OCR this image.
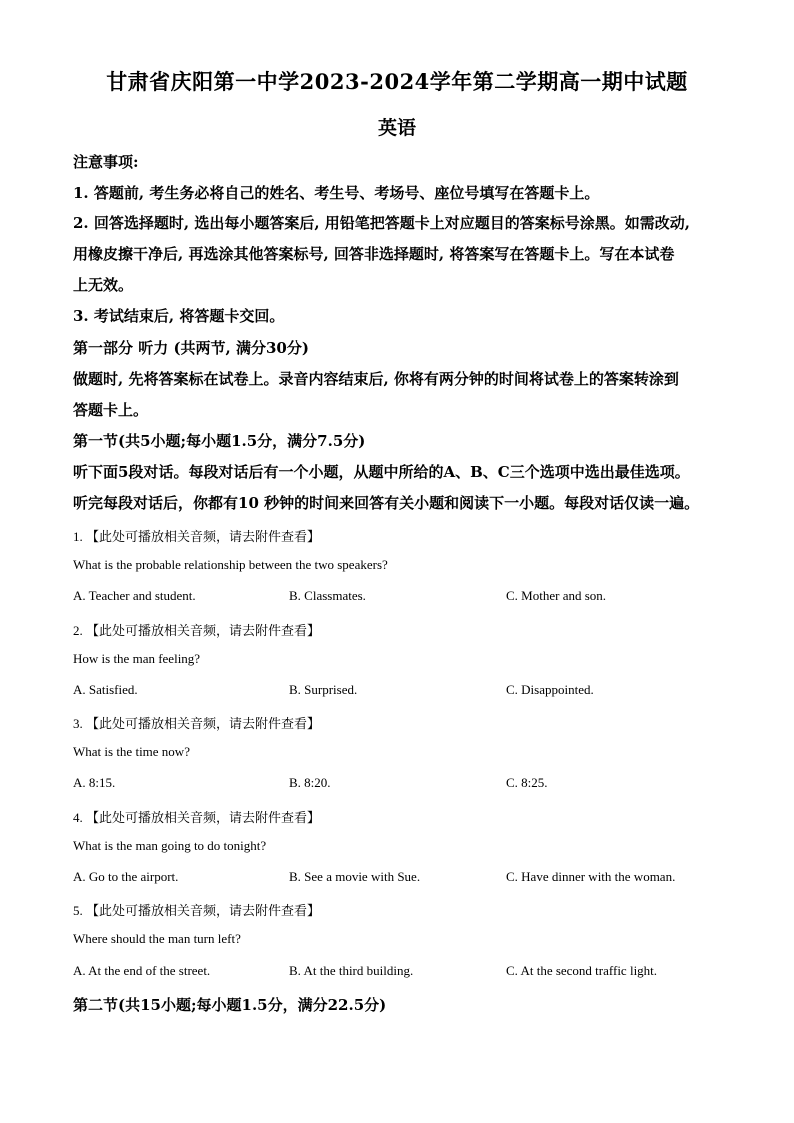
甘肃省庆阳第一中学2023-2024学年第二学期高一期中试题
英语
注意事项:
1. 答题前, 考生务必将自己的姓名、考生号、考场号、座位号填写在答题卡上。
2. 回答选择题时, 选出每小题答案后, 用铅笔把答题卡上对应题目的答案标号涂黑。如需改动,
用橡皮擦干净后, 再选涂其他答案标号, 回答非选择题时, 将答案写在答题卡上。写在本试卷
上无效。
3. 考试结束后, 将答题卡交回。
第一部分 听力 (共两节, 满分30分)
做题时, 先将答案标在试卷上。录音内容结束后, 你将有两分钟的时间将试卷上的答案转涂到
答题卡上。
第一节(共5小题;每小题1.5分，满分7.5分)
听下面5段对话。每段对话后有一个小题，从题中所给的A、B、C三个选项中选出最佳选项。
听完每段对话后，你都有10 秒钟的时间来回答有关小题和阅读下一小题。每段对话仅读一遍。
1. 【此处可播放相关音频，请去附件查看】
What is the probable relationship between the two speakers?
A. Teacher and student.	B. Classmates.	C. Mother and son.
2. 【此处可播放相关音频，请去附件查看】
How is the man feeling?
A. Satisfied.	B. Surprised.	C. Disappointed.
3. 【此处可播放相关音频，请去附件查看】
What is the time now?
A. 8:15.	B. 8:20.	C. 8:25.
4. 【此处可播放相关音频，请去附件查看】
What is the man going to do tonight?
A. Go to the airport.	B. See a movie with Sue.	C. Have dinner with the woman.
5. 【此处可播放相关音频，请去附件查看】
Where should the man turn left?
A. At the end of the street.	B. At the third building.	C. At the second traffic light.
第二节(共15小题;每小题1.5分，满分22.5分)
